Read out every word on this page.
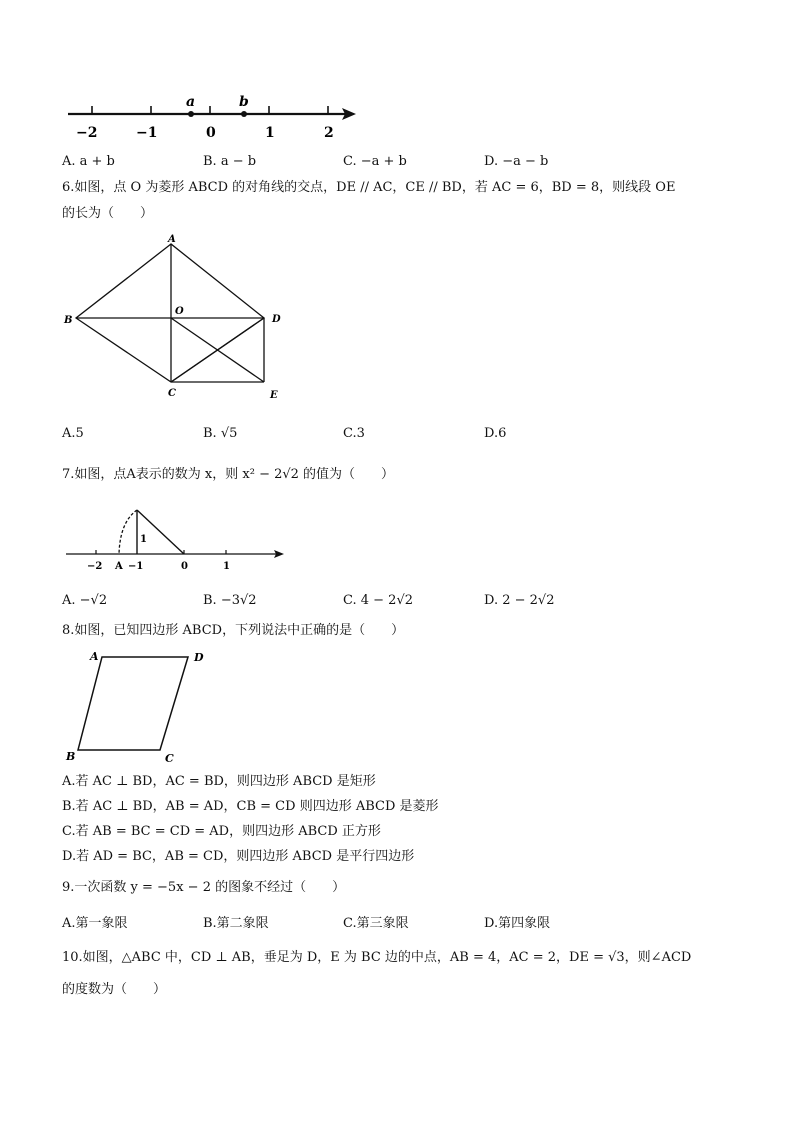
a	b
−2	−1	0	1	2
A. a + b	B. a − b	C. −a + b	D. −a − b
6.如图，点 O 为菱形 ABCD 的对角线的交点，DE // AC，CE // BD，若 AC = 6，BD = 8，则线段 OE
的长为（　　）
A
B
O
D
C	E
A.5	B. √5	C.3	D.6
7.如图，点A表示的数为 x，则 x² − 2√2 的值为（　　）
1
−2 A −1	0	1
A. −√2	B. −3√2	C. 4 − 2√2	D. 2 − 2√2
8.如图，已知四边形 ABCD，下列说法中正确的是（　　）
A	D
B	C
A.若 AC ⊥ BD，AC = BD，则四边形 ABCD 是矩形
B.若 AC ⊥ BD，AB = AD，CB = CD 则四边形 ABCD 是菱形
C.若 AB = BC = CD = AD，则四边形 ABCD 正方形
D.若 AD = BC，AB = CD，则四边形 ABCD 是平行四边形
9.一次函数 y = −5x − 2 的图象不经过（　　）
A.第一象限	B.第二象限	C.第三象限	D.第四象限
10.如图，△ABC 中，CD ⊥ AB，垂足为 D，E 为 BC 边的中点，AB = 4，AC = 2，DE = √3，则∠ACD
的度数为（　　）
